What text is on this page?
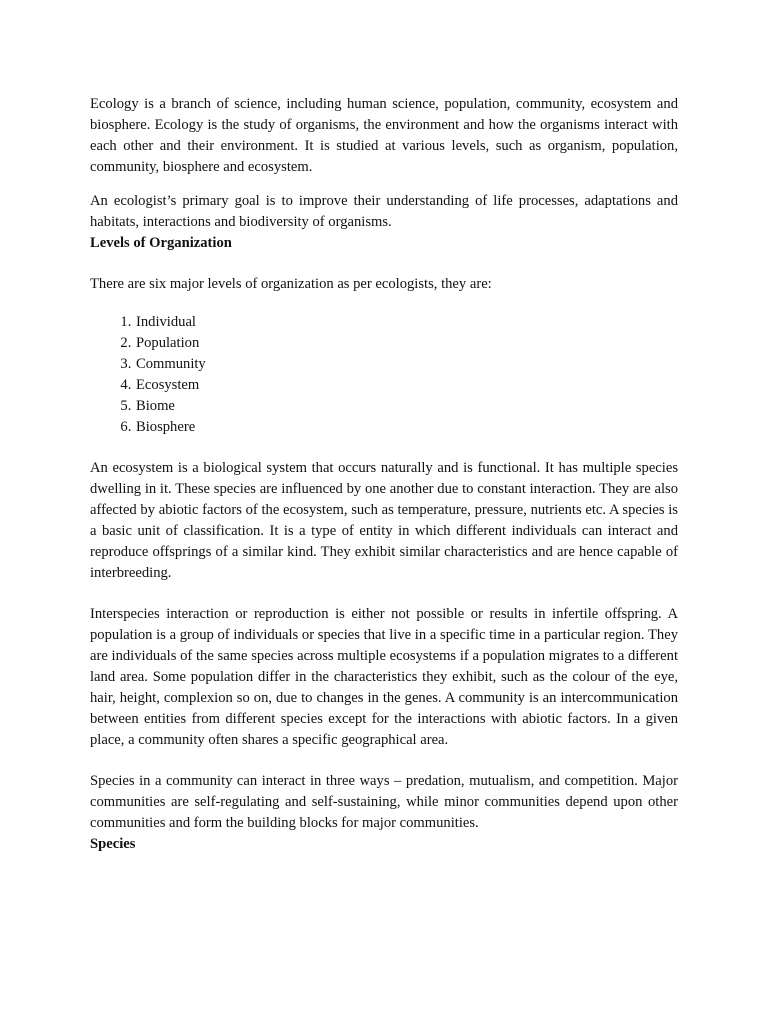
Ecology is a branch of science, including human science, population, community, ecosystem and biosphere. Ecology is the study of organisms, the environment and how the organisms interact with each other and their environment. It is studied at various levels, such as organism, population, community, biosphere and ecosystem.

An ecologist’s primary goal is to improve their understanding of life processes, adaptations and habitats, interactions and biodiversity of organisms.

Levels of Organization

There are six major levels of organization as per ecologists, they are:

1. Individual
2. Population
3. Community
4. Ecosystem
5. Biome
6. Biosphere

An ecosystem is a biological system that occurs naturally and is functional. It has multiple species dwelling in it. These species are influenced by one another due to constant interaction. They are also affected by abiotic factors of the ecosystem, such as temperature, pressure, nutrients etc. A species is a basic unit of classification. It is a type of entity in which different individuals can interact and reproduce offsprings of a similar kind. They exhibit similar characteristics and are hence capable of interbreeding.

Interspecies interaction or reproduction is either not possible or results in infertile offspring. A population is a group of individuals or species that live in a specific time in a particular region. They are individuals of the same species across multiple ecosystems if a population migrates to a different land area. Some population differ in the characteristics they exhibit, such as the colour of the eye, hair, height, complexion so on, due to changes in the genes. A community is an intercommunication between entities from different species except for the interactions with abiotic factors. In a given place, a community often shares a specific geographical area.

Species in a community can interact in three ways – predation, mutualism, and competition. Major communities are self-regulating and self-sustaining, while minor communities depend upon other communities and form the building blocks for major communities.

Species
